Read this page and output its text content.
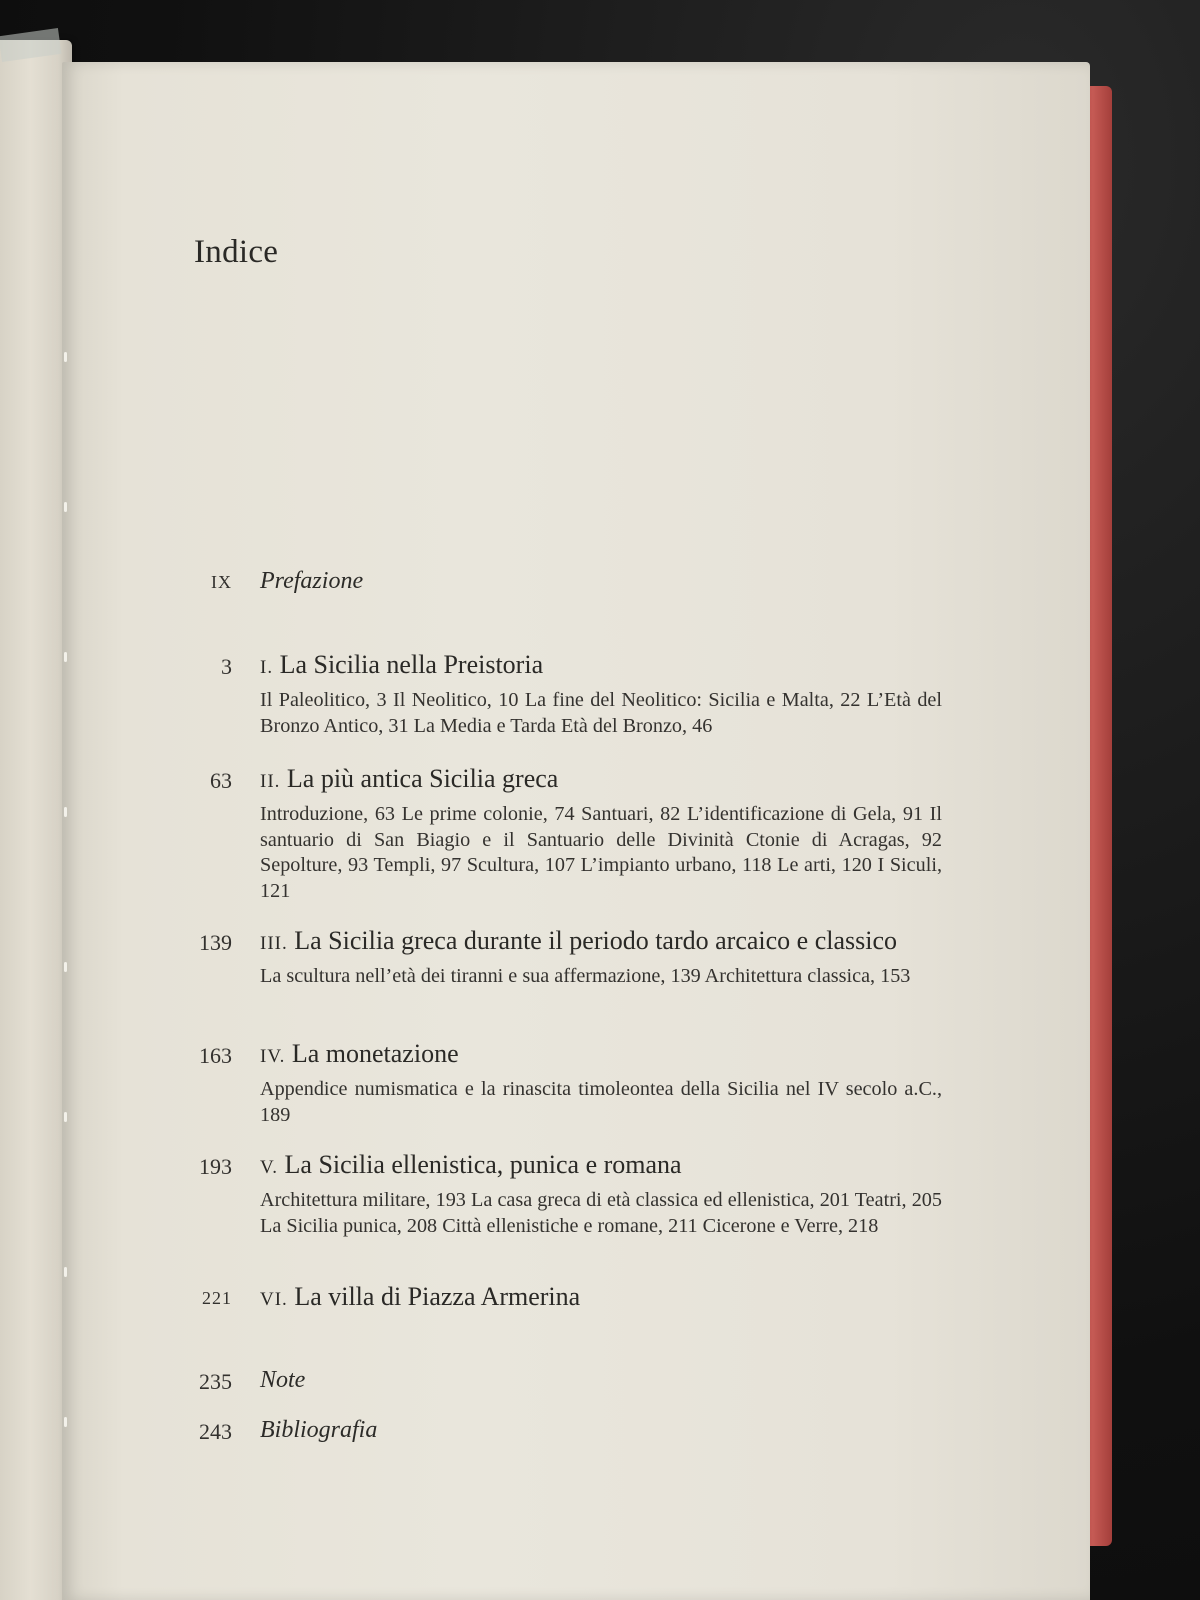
Indice
IX Prefazione
3 I. La Sicilia nella Preistoria
Il Paleolitico, 3 Il Neolitico, 10 La fine del Neolitico: Sicilia e Malta, 22 L’Età del Bronzo Antico, 31 La Media e Tarda Età del Bronzo, 46
63 II. La più antica Sicilia greca
Introduzione, 63 Le prime colonie, 74 Santuari, 82 L’identificazione di Gela, 91 Il santuario di San Biagio e il Santuario delle Divinità Ctonie di Acragas, 92 Sepolture, 93 Templi, 97 Scultura, 107 L’impianto urbano, 118 Le arti, 120 I Siculi, 121
139 III. La Sicilia greca durante il periodo tardo arcaico e classico
La scultura nell’età dei tiranni e sua affermazione, 139 Architettura classica, 153
163 IV. La monetazione
Appendice numismatica e la rinascita timoleontea della Sicilia nel IV secolo a.C., 189
193 V. La Sicilia ellenistica, punica e romana
Architettura militare, 193 La casa greca di età classica ed ellenistica, 201 Teatri, 205 La Sicilia punica, 208 Città ellenistiche e romane, 211 Cicerone e Verre, 218
221 VI. La villa di Piazza Armerina
235 Note
243 Bibliografia
